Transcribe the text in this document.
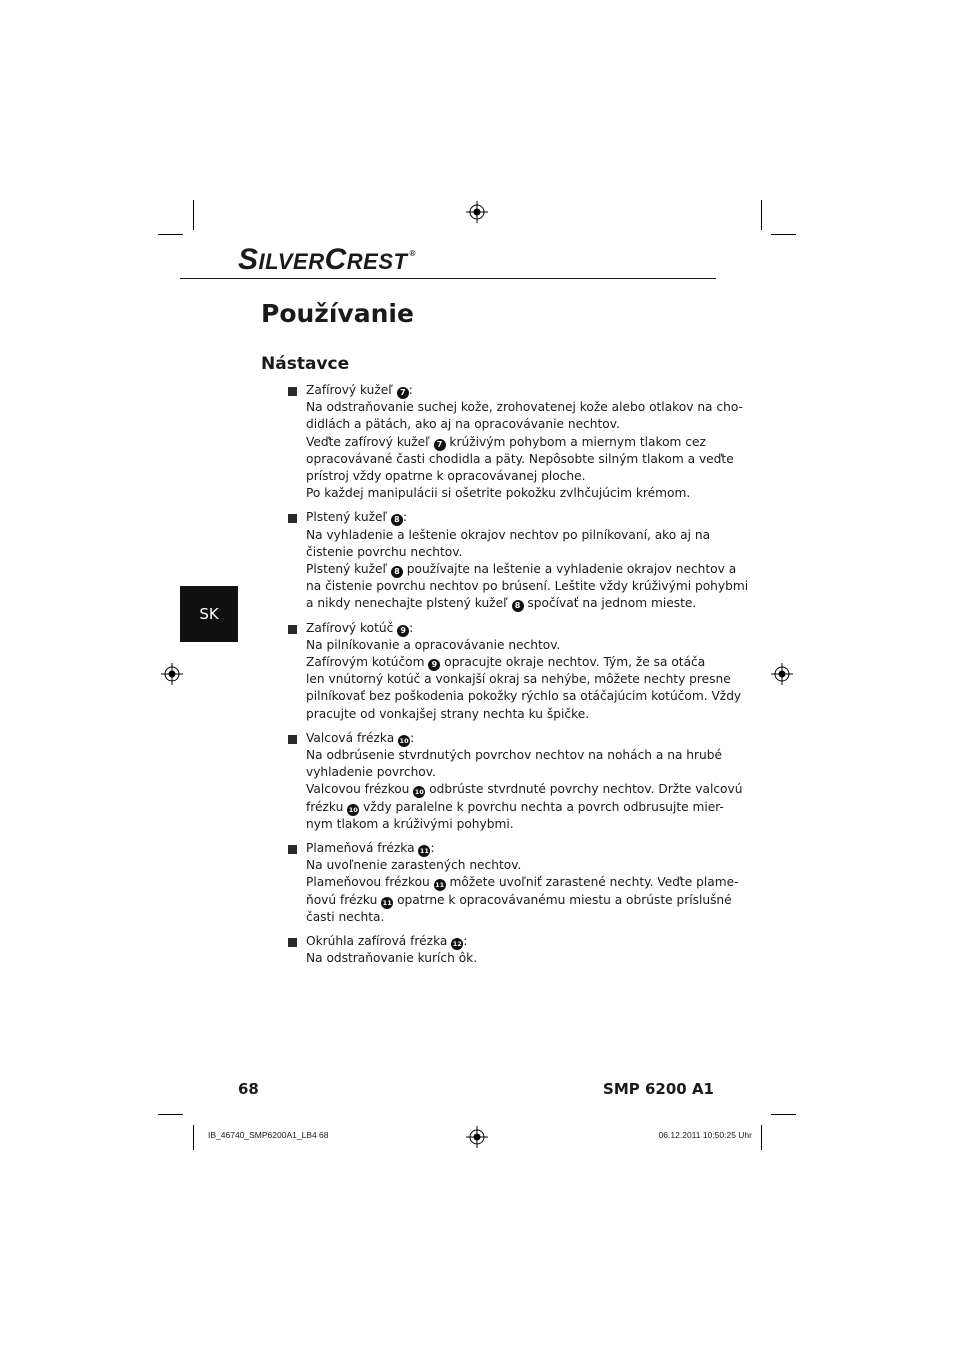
SILVERCREST ®
Používanie
Nástavce
SK
Zafírový kužeľ 7 :
Na odstraňovanie suchej kože, zrohovatenej kože alebo otlakov na cho-
didlách a pätách, ako aj na opracovávanie nechtov.
Veďte zafírový kužeľ 7 krúživým pohybom a miernym tlakom cez
opracovávané časti chodidla a päty. Nepôsobte silným tlakom a veďte
prístroj vždy opatrne k opracovávanej ploche.
Po každej manipulácii si ošetrite pokožku zvlhčujúcim krémom.
Plstený kužeľ 8 :
Na vyhladenie a leštenie okrajov nechtov po pilníkovaní, ako aj na
čistenie povrchu nechtov.
Plstený kužeľ 8 používajte na leštenie a vyhladenie okrajov nechtov a
na čistenie povrchu nechtov po brúsení. Leštite vždy krúživými pohybmi
a nikdy nenechajte plstený kužeľ 8 spočívať na jednom mieste.
Zafírový kotúč 9 :
Na pilníkovanie a opracovávanie nechtov.
Zafírovým kotúčom 9 opracujte okraje nechtov. Tým, že sa otáča
len vnútorný kotúč a vonkajší okraj sa nehýbe, môžete nechty presne
pilníkovať bez poškodenia pokožky rýchlo sa otáčajúcim kotúčom. Vždy
pracujte od vonkajšej strany nechta ku špičke.
Valcová frézka 10:
Na odbrúsenie stvrdnutých povrchov nechtov na nohách a na hrubé
vyhladenie povrchov.
Valcovou frézkou 10 odbrúste stvrdnuté povrchy nechtov. Držte valcovú
frézku 10 vždy paralelne k povrchu nechta a povrch odbrusujte mier-
nym tlakom a krúživými pohybmi.
Plameňová frézka 11:
Na uvoľnenie zarastených nechtov.
Plameňovou frézkou 11 môžete uvoľniť zarastené nechty. Veďte plame-
ňovú frézku 11 opatrne k opracovávanému miestu a obrúste príslušné
časti nechta.
Okrúhla zafírová frézka 12:
Na odstraňovanie kurích ôk.
68	SMP 6200 A1
IB_46740_SMP6200A1_LB4 68	06.12.2011 10:50:25 Uhr
